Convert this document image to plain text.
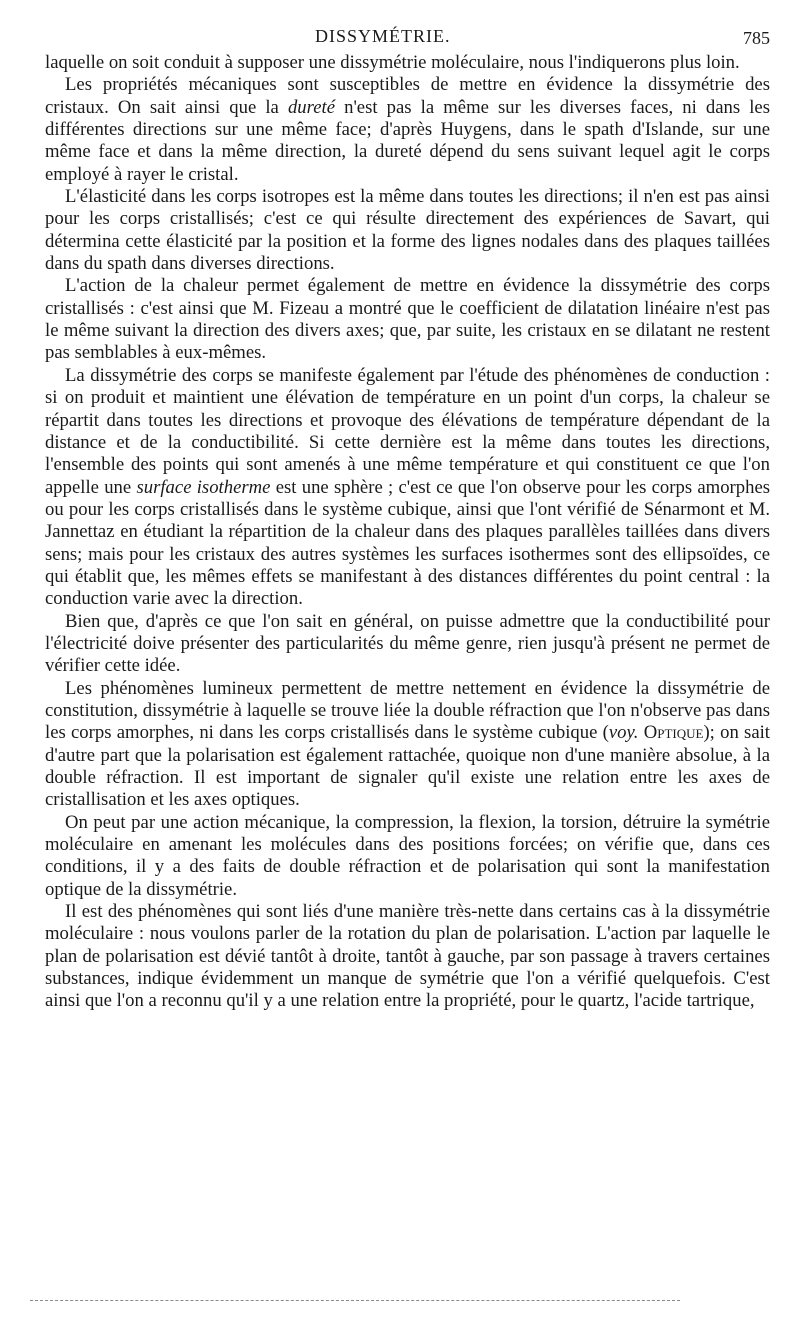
DISSYMÉTRIE.	785

laquelle on soit conduit à supposer une dissymétrie moléculaire, nous l'indiquerons plus loin.

Les propriétés mécaniques sont susceptibles de mettre en évidence la dissymétrie des cristaux. On sait ainsi que la dureté n'est pas la même sur les diverses faces, ni dans les différentes directions sur une même face; d'après Huygens, dans le spath d'Islande, sur une même face et dans la même direction, la dureté dépend du sens suivant lequel agit le corps employé à rayer le cristal.

L'élasticité dans les corps isotropes est la même dans toutes les directions; il n'en est pas ainsi pour les corps cristallisés; c'est ce qui résulte directement des expériences de Savart, qui détermina cette élasticité par la position et la forme des lignes nodales dans des plaques taillées dans du spath dans diverses directions.

L'action de la chaleur permet également de mettre en évidence la dissymétrie des corps cristallisés : c'est ainsi que M. Fizeau a montré que le coefficient de dilatation linéaire n'est pas le même suivant la direction des divers axes; que, par suite, les cristaux en se dilatant ne restent pas semblables à eux-mêmes.

La dissymétrie des corps se manifeste également par l'étude des phénomènes de conduction : si on produit et maintient une élévation de température en un point d'un corps, la chaleur se répartit dans toutes les directions et provoque des élévations de température dépendant de la distance et de la conductibilité. Si cette dernière est la même dans toutes les directions, l'ensemble des points qui sont amenés à une même température et qui constituent ce que l'on appelle une surface isotherme est une sphère ; c'est ce que l'on observe pour les corps amorphes ou pour les corps cristallisés dans le système cubique, ainsi que l'ont vérifié de Sénarmont et M. Jannettaz en étudiant la répartition de la chaleur dans des plaques parallèles taillées dans divers sens; mais pour les cristaux des autres systèmes les surfaces isothermes sont des ellipsoïdes, ce qui établit que, les mêmes effets se manifestant à des distances différentes du point central : la conduction varie avec la direction.

Bien que, d'après ce que l'on sait en général, on puisse admettre que la conductibilité pour l'électricité doive présenter des particularités du même genre, rien jusqu'à présent ne permet de vérifier cette idée.

Les phénomènes lumineux permettent de mettre nettement en évidence la dissymétrie de constitution, dissymétrie à laquelle se trouve liée la double réfraction que l'on n'observe pas dans les corps amorphes, ni dans les corps cristallisés dans le système cubique (voy. Optique); on sait d'autre part que la polarisation est également rattachée, quoique non d'une manière absolue, à la double réfraction. Il est important de signaler qu'il existe une relation entre les axes de cristallisation et les axes optiques.

On peut par une action mécanique, la compression, la flexion, la torsion, détruire la symétrie moléculaire en amenant les molécules dans des positions forcées; on vérifie que, dans ces conditions, il y a des faits de double réfraction et de polarisation qui sont la manifestation optique de la dissymétrie.

Il est des phénomènes qui sont liés d'une manière très-nette dans certains cas à la dissymétrie moléculaire : nous voulons parler de la rotation du plan de polarisation. L'action par laquelle le plan de polarisation est dévié tantôt à droite, tantôt à gauche, par son passage à travers certaines substances, indique évidemment un manque de symétrie que l'on a vérifié quelquefois. C'est ainsi que l'on a reconnu qu'il y a une relation entre la propriété, pour le quartz, l'acide tartrique,
